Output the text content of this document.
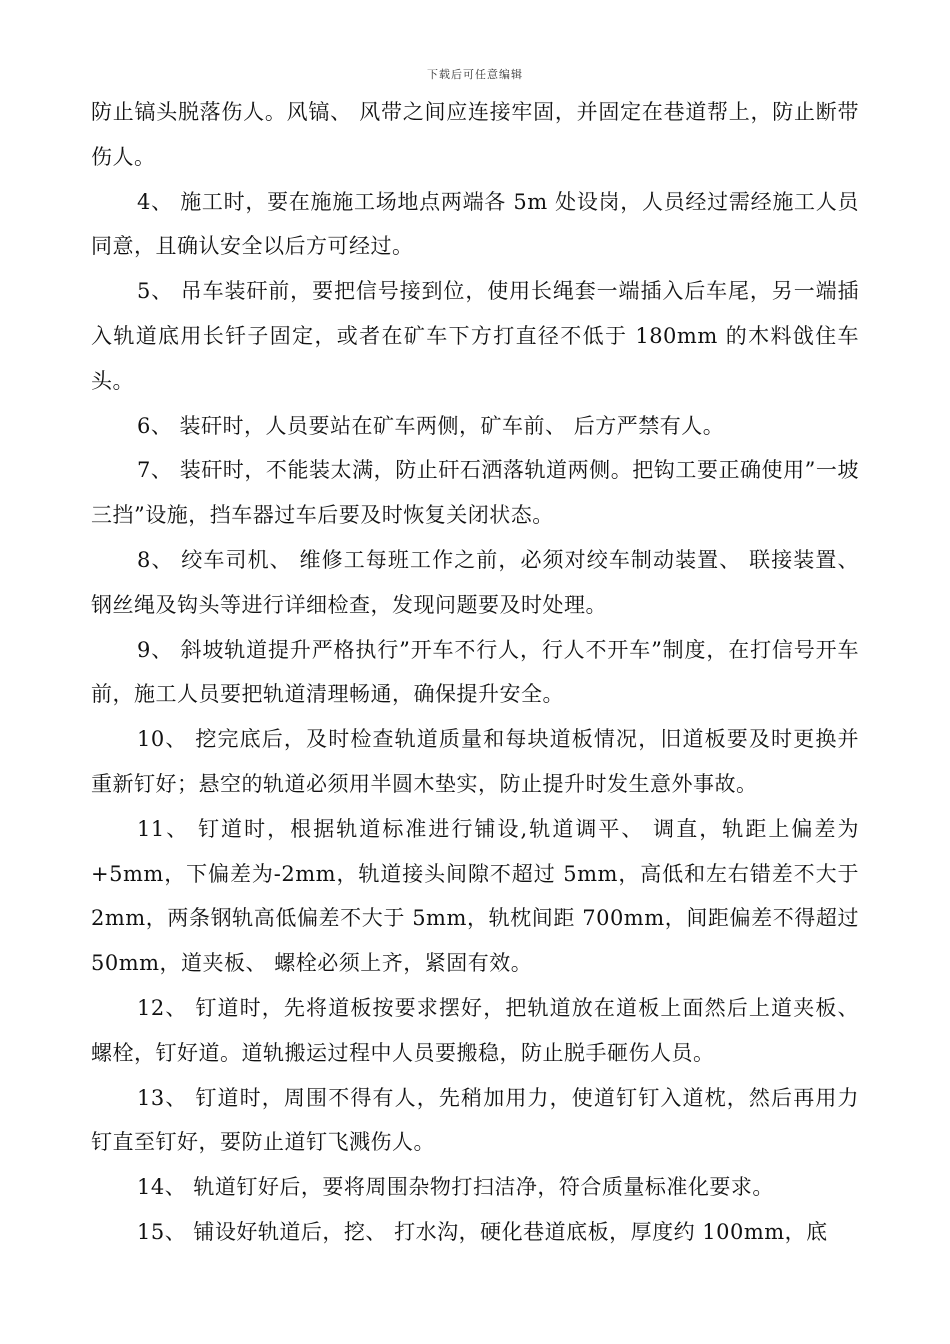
下载后可任意编辑

防止镐头脱落伤人。风镐、 风带之间应连接牢固，并固定在巷道帮上，防止断带伤人。

4、 施工时，要在施施工场地点两端各 5m 处设岗，人员经过需经施工人员同意，且确认安全以后方可经过。

5、 吊车装矸前，要把信号接到位，使用长绳套一端插入后车尾，另一端插入轨道底用长钎子固定，或者在矿车下方打直径不低于 180mm 的木料戗住车头。

6、 装矸时，人员要站在矿车两侧，矿车前、 后方严禁有人。

7、 装矸时，不能装太满，防止矸石洒落轨道两侧。把钩工要正确使用”一坡三挡”设施，挡车器过车后要及时恢复关闭状态。

8、 绞车司机、 维修工每班工作之前，必须对绞车制动装置、 联接装置、 钢丝绳及钩头等进行详细检查，发现问题要及时处理。

9、 斜坡轨道提升严格执行”开车不行人，行人不开车”制度，在打信号开车前，施工人员要把轨道清理畅通，确保提升安全。

10、 挖完底后，及时检查轨道质量和每块道板情况，旧道板要及时更换并重新钉好；悬空的轨道必须用半圆木垫实，防止提升时发生意外事故。

11、 钉道时，根据轨道标准进行铺设,轨道调平、 调直，轨距上偏差为+5mm，下偏差为-2mm，轨道接头间隙不超过 5mm，高低和左右错差不大于 2mm，两条钢轨高低偏差不大于 5mm，轨枕间距 700mm，间距偏差不得超过 50mm，道夹板、 螺栓必须上齐，紧固有效。

12、 钉道时，先将道板按要求摆好，把轨道放在道板上面然后上道夹板、 螺栓，钉好道。道轨搬运过程中人员要搬稳，防止脱手砸伤人员。

13、 钉道时，周围不得有人，先稍加用力，使道钉钉入道枕，然后再用力钉直至钉好，要防止道钉飞溅伤人。

14、 轨道钉好后，要将周围杂物打扫洁净，符合质量标准化要求。

15、 铺设好轨道后，挖、 打水沟，硬化巷道底板，厚度约 100mm，底
